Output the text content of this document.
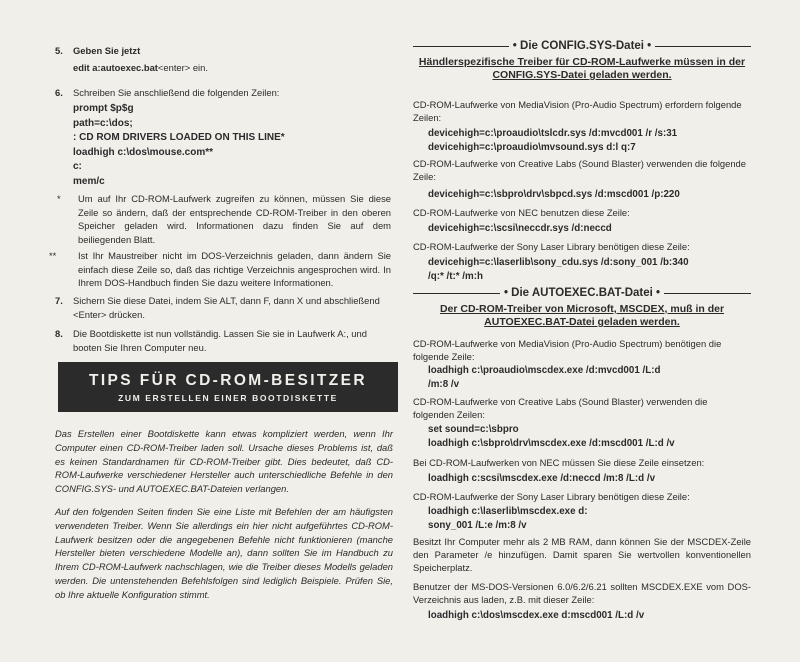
5. Geben Sie jetzt
edit a:autoexec.bat<enter> ein.
6. Schreiben Sie anschließend die folgenden Zeilen:
prompt $p$g
path=c:\dos;
: CD ROM DRIVERS LOADED ON THIS LINE*
loadhigh c:\dos\mouse.com**
c:
mem/c
* Um auf Ihr CD-ROM-Laufwerk zugreifen zu können, müssen Sie diese Zeile so ändern, daß der entsprechende CD-ROM-Treiber in den oberen Speicher geladen wird. Informationen dazu finden Sie auf dem beiliegenden Blatt.
** Ist Ihr Maustreiber nicht im DOS-Verzeichnis geladen, dann ändern Sie einfach diese Zeile so, daß das richtige Verzeichnis angesprochen wird. In Ihrem DOS-Handbuch finden Sie dazu weitere Informationen.
7. Sichern Sie diese Datei, indem Sie ALT, dann F, dann X und abschließend <Enter> drücken.
8. Die Bootdiskette ist nun vollständig. Lassen Sie sie in Laufwerk A:, und booten Sie Ihren Computer neu.
TIPS FÜR CD-ROM-BESITZER
ZUM ERSTELLEN EINER BOOTDISKETTE
Das Erstellen einer Bootdiskette kann etwas kompliziert werden, wenn Ihr Computer einen CD-ROM-Treiber laden soll. Ursache dieses Problems ist, daß es keinen Standardnamen für CD-ROM-Treiber gibt. Dies bedeutet, daß CD-ROM-Laufwerke verschiedener Hersteller auch unterschiedliche Befehle in den CONFIG.SYS- und AUTOEXEC.BAT-Dateien verlangen.
Auf den folgenden Seiten finden Sie eine Liste mit Befehlen der am häufigsten verwendeten Treiber. Wenn Sie allerdings ein hier nicht aufgeführtes CD-ROM-Laufwerk besitzen oder die angegebenen Befehle nicht funktionieren (manche Hersteller bieten verschiedene Modelle an), dann sollten Sie im Handbuch zu Ihrem CD-ROM-Laufwerk nachschlagen, wie die Treiber dieses Modells geladen werden. Die untenstehenden Befehlsfolgen sind lediglich Beispiele. Prüfen Sie, ob Ihre aktuelle Konfiguration stimmt.
• Die CONFIG.SYS-Datei •
Händlerspezifische Treiber für CD-ROM-Laufwerke müssen in der CONFIG.SYS-Datei geladen werden.
CD-ROM-Laufwerke von MediaVision (Pro-Audio Spectrum) erfordern folgende Zeilen:
devicehigh=c:\proaudio\tslcdr.sys /d:mvcd001 /r /s:31
devicehigh=c:\proaudio\mvsound.sys d:l q:7
CD-ROM-Laufwerke von Creative Labs (Sound Blaster) verwenden die folgende Zeile:
devicehigh=c:\sbpro\drv\sbpcd.sys /d:mscd001 /p:220
CD-ROM-Laufwerke von NEC benutzen diese Zeile:
devicehigh=c:\scsi\neccdr.sys /d:neccd
CD-ROM-Laufwerke der Sony Laser Library benötigen diese Zeile:
devicehigh=c:\laserlib\sony_cdu.sys /d:sony_001 /b:340
/q:* /t:* /m:h
• Die AUTOEXEC.BAT-Datei •
Der CD-ROM-Treiber von Microsoft, MSCDEX, muß in der AUTOEXEC.BAT-Datei geladen werden.
CD-ROM-Laufwerke von MediaVision (Pro-Audio Spectrum) benötigen die folgende Zeile:
loadhigh c:\proaudio\mscdex.exe /d:mvcd001 /L:d
/m:8 /v
CD-ROM-Laufwerke von Creative Labs (Sound Blaster) verwenden die folgenden Zeilen:
set sound=c:\sbpro
loadhigh c:\sbpro\drv\mscdex.exe /d:mscd001 /L:d /v
Bei CD-ROM-Laufwerken von NEC müssen Sie diese Zeile einsetzen:
loadhigh c:scsi\mscdex.exe /d:neccd /m:8 /L:d /v
CD-ROM-Laufwerke der Sony Laser Library benötigen diese Zeile:
loadhigh c:\laserlib\mscdex.exe d:
sony_001 /L:e /m:8 /v
Besitzt Ihr Computer mehr als 2 MB RAM, dann können Sie der MSCDEX-Zeile den Parameter /e hinzufügen. Damit sparen Sie wertvollen konventionellen Speicherplatz.
Benutzer der MS-DOS-Versionen 6.0/6.2/6.21 sollten MSCDEX.EXE vom DOS-Verzeichnis aus laden, z.B. mit dieser Zeile:
loadhigh c:\dos\mscdex.exe d:mscd001 /L:d /v
